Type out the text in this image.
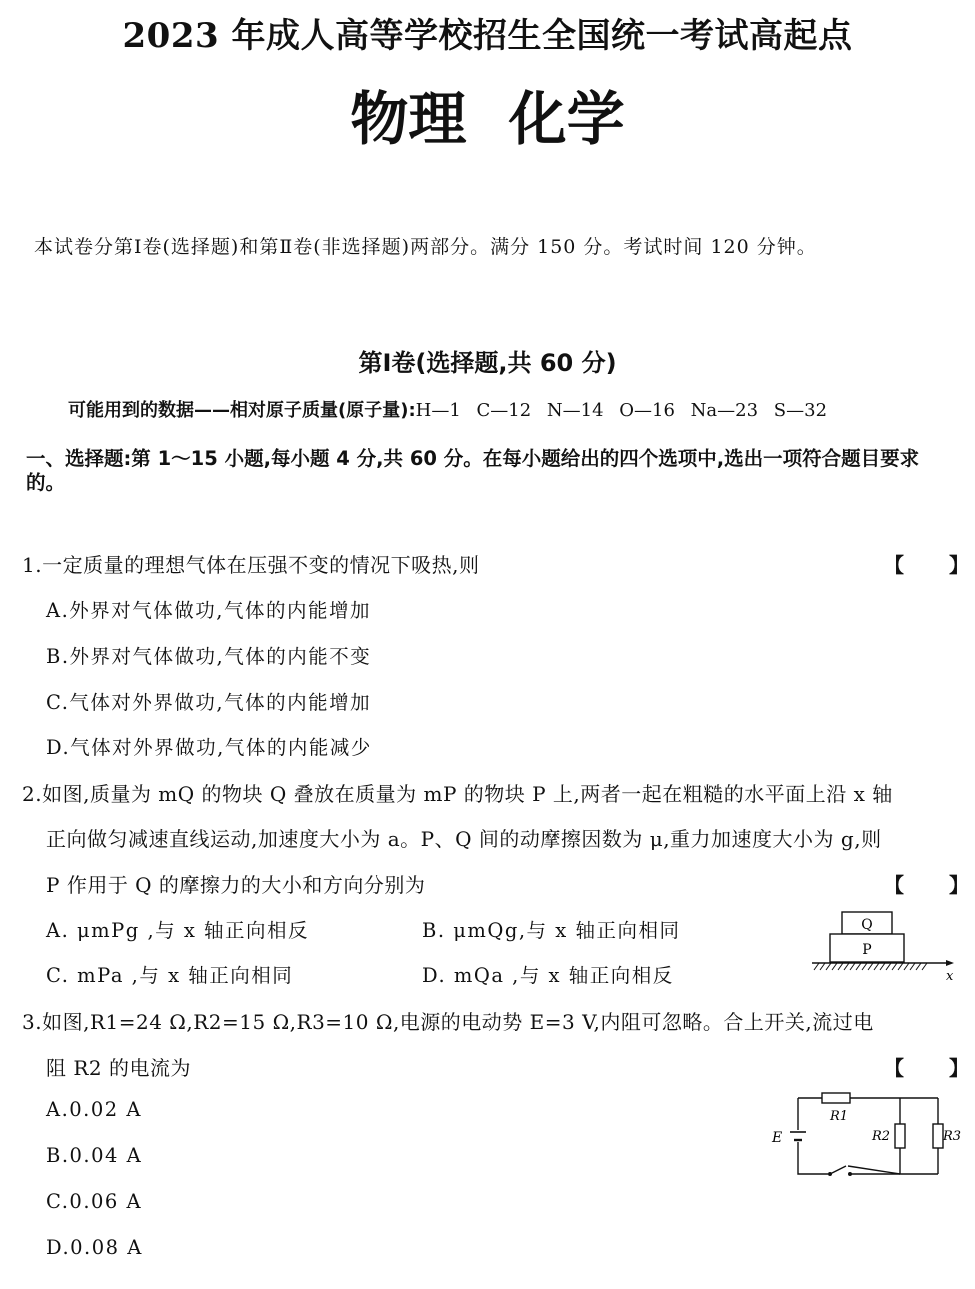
2023 年成人高等学校招生全国统一考试高起点
物理 化学
本试卷分第Ⅰ卷(选择题)和第Ⅱ卷(非选择题)两部分。满分 150 分。考试时间 120 分钟。
第Ⅰ卷(选择题,共 60 分)
可能用到的数据——相对原子质量(原子量):H—1 C—12 N—14 O—16 Na—23 S—32
一、选择题:第 1～15 小题,每小题 4 分,共 60 分。在每小题给出的四个选项中,选出一项符合题目要求的。
1.一定质量的理想气体在压强不变的情况下吸热,则	【 】
A.外界对气体做功,气体的内能增加
B.外界对气体做功,气体的内能不变
C.气体对外界做功,气体的内能增加
D.气体对外界做功,气体的内能减少
2.如图,质量为 mQ 的物块 Q 叠放在质量为 mP 的物块 P 上,两者一起在粗糙的水平面上沿 x 轴
正向做匀减速直线运动,加速度大小为 a。P、Q 间的动摩擦因数为 μ,重力加速度大小为 g,则
P 作用于 Q 的摩擦力的大小和方向分别为	【 】
A. μmPg ,与 x 轴正向相反	B. μmQg,与 x 轴正向相同
C. mPa ,与 x 轴正向相同	D. mQa ,与 x 轴正向相反
Q
P
x
3.如图,R1=24 Ω,R2=15 Ω,R3=10 Ω,电源的电动势 E=3 V,内阻可忽略。合上开关,流过电
阻 R2 的电流为	【 】
A.0.02 A
B.0.04 A
C.0.06 A
D.0.08 A
E
R1
R2	R3
